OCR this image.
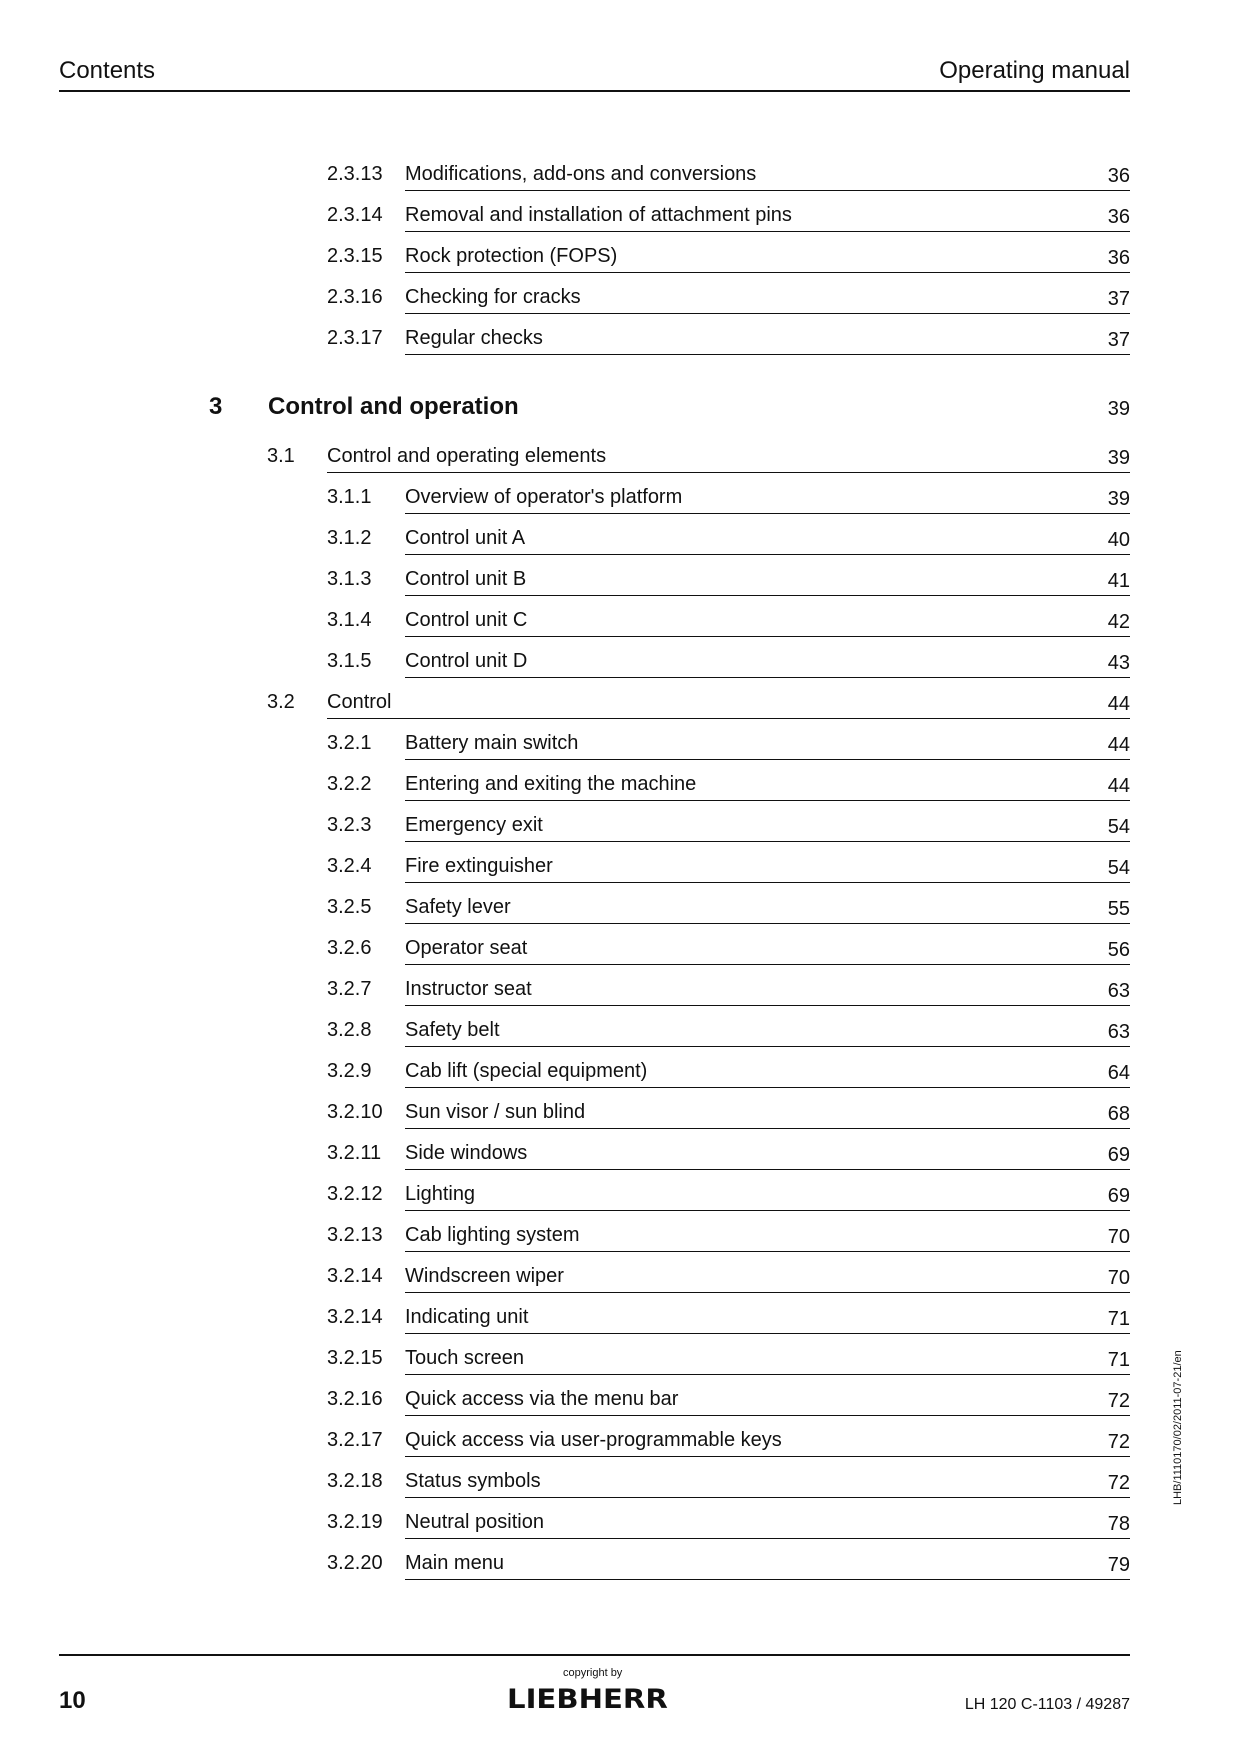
Contents	Operating manual
2.3.13 Modifications, add-ons and conversions	36
2.3.14 Removal and installation of attachment pins	36
2.3.15 Rock protection (FOPS)	36
2.3.16 Checking for cracks	37
2.3.17 Regular checks	37
3 Control and operation	39
3.1 Control and operating elements	39
3.1.1 Overview of operator's platform	39
3.1.2 Control unit A	40
3.1.3 Control unit B	41
3.1.4 Control unit C	42
3.1.5 Control unit D	43
3.2 Control	44
3.2.1 Battery main switch	44
3.2.2 Entering and exiting the machine	44
3.2.3 Emergency exit	54
3.2.4 Fire extinguisher	54
3.2.5 Safety lever	55
3.2.6 Operator seat	56
3.2.7 Instructor seat	63
3.2.8 Safety belt	63
3.2.9 Cab lift (special equipment)	64
3.2.10 Sun visor / sun blind	68
3.2.11 Side windows	69
3.2.12 Lighting	69
3.2.13 Cab lighting system	70
3.2.14 Windscreen wiper	70
3.2.14 Indicating unit	71
3.2.15 Touch screen	71
3.2.16 Quick access via the menu bar	72
3.2.17 Quick access via user-programmable keys	72
3.2.18 Status symbols	72
3.2.19 Neutral position	78
3.2.20 Main menu	79
LHB/1110170/02/2011-07-21/en
10
copyright by
LIEBHERR	LH 120 C-1103 / 49287
